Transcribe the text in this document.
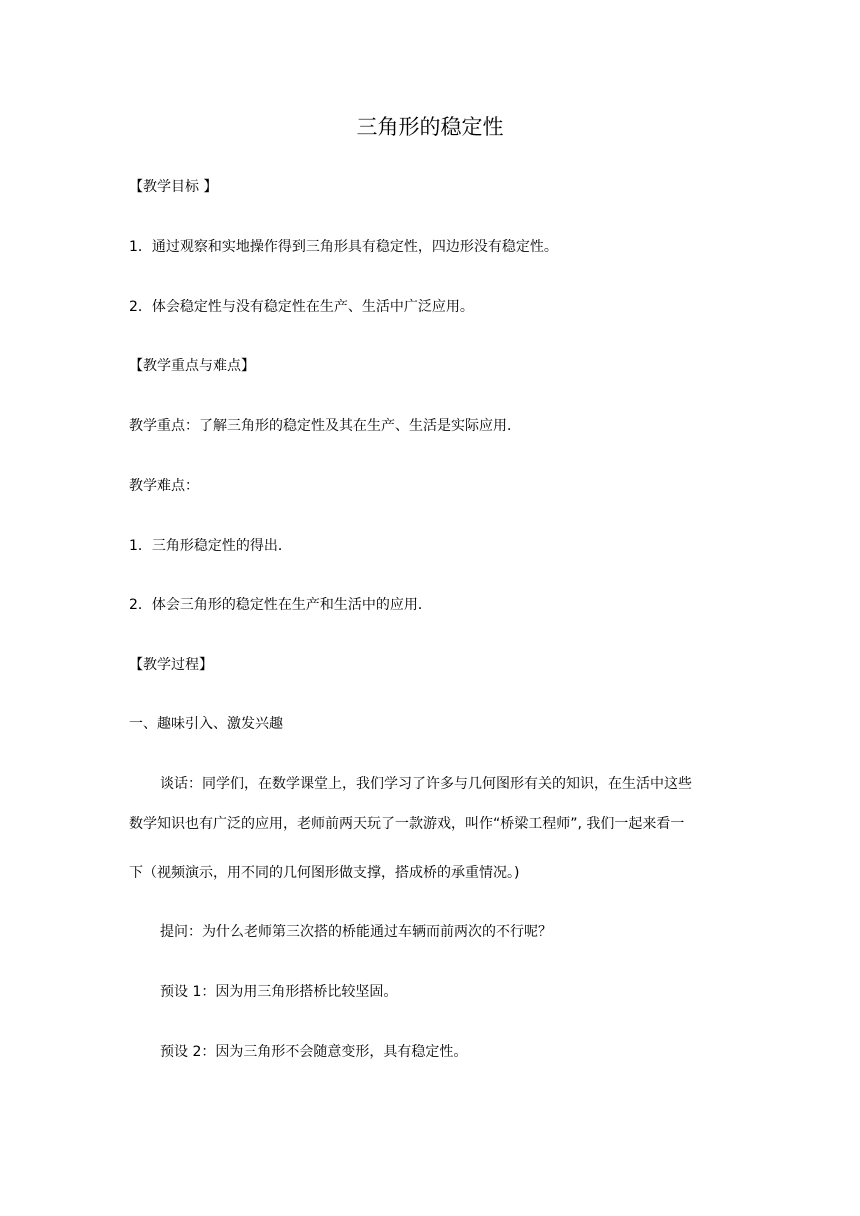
三角形的稳定性
【教学目标 】
1．通过观察和实地操作得到三角形具有稳定性，四边形没有稳定性。
2．体会稳定性与没有稳定性在生产、生活中广泛应用。
【教学重点与难点】
教学重点：了解三角形的稳定性及其在生产、生活是实际应用．
教学难点：
1．三角形稳定性的得出．
2．体会三角形的稳定性在生产和生活中的应用．
【教学过程】
一、趣味引入、激发兴趣
谈话：同学们，在数学课堂上，我们学习了许多与几何图形有关的知识，在生活中这些
数学知识也有广泛的应用，老师前两天玩了一款游戏，叫作“桥梁工程师”, 我们一起来看一
下（视频演示，用不同的几何图形做支撑，搭成桥的承重情况。)
提问：为什么老师第三次搭的桥能通过车辆而前两次的不行呢？
预设 1：因为用三角形搭桥比较坚固。
预设 2：因为三角形不会随意变形，具有稳定性。
